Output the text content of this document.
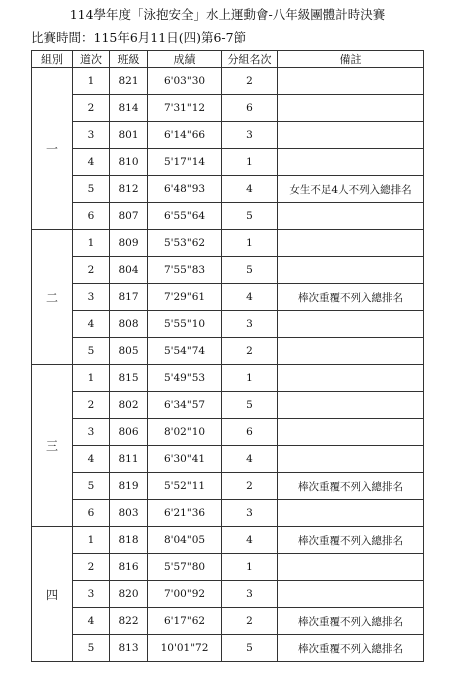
114學年度「泳抱安全」水上運動會-八年級團體計時決賽
比賽時間：115年6月11日(四)第6-7節
組別	道次	班級	成績	分組名次	備註
一	1	821	6'03"30	2	
	2	814	7'31"12	6	
	3	801	6'14"66	3	
	4	810	5'17"14	1	
	5	812	6'48"93	4	女生不足4人不列入總排名
	6	807	6'55"64	5	
二	1	809	5'53"62	1	
	2	804	7'55"83	5	
	3	817	7'29"61	4	棒次重覆不列入總排名
	4	808	5'55"10	3	
	5	805	5'54"74	2	
三	1	815	5'49"53	1	
	2	802	6'34"57	5	
	3	806	8'02"10	6	
	4	811	6'30"41	4	
	5	819	5'52"11	2	棒次重覆不列入總排名
	6	803	6'21"36	3	
四	1	818	8'04"05	4	棒次重覆不列入總排名
	2	816	5'57"80	1	
	3	820	7'00"92	3	
	4	822	6'17"62	2	棒次重覆不列入總排名
	5	813	10'01"72	5	棒次重覆不列入總排名
